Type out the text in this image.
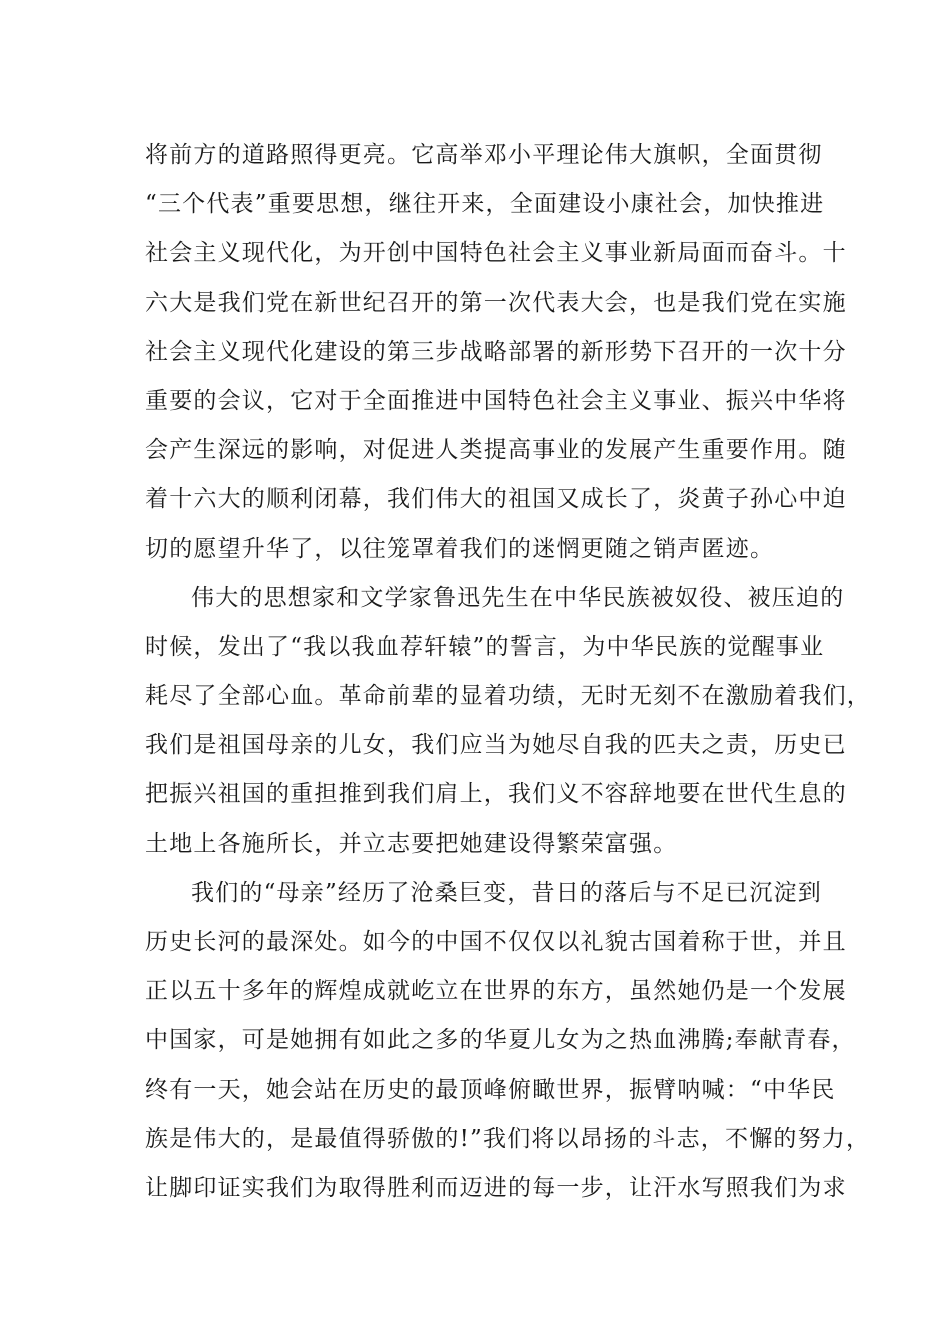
将前方的道路照得更亮。它高举邓小平理论伟大旗帜，全面贯彻
“三个代表”重要思想，继往开来，全面建设小康社会，加快推进
社会主义现代化，为开创中国特色社会主义事业新局面而奋斗。十
六大是我们党在新世纪召开的第一次代表大会，也是我们党在实施
社会主义现代化建设的第三步战略部署的新形势下召开的一次十分
重要的会议，它对于全面推进中国特色社会主义事业、振兴中华将
会产生深远的影响，对促进人类提高事业的发展产生重要作用。随
着十六大的顺利闭幕，我们伟大的祖国又成长了，炎黄子孙心中迫
切的愿望升华了，以往笼罩着我们的迷惘更随之销声匿迹。
伟大的思想家和文学家鲁迅先生在中华民族被奴役、被压迫的
时候，发出了“我以我血荐轩辕”的誓言，为中华民族的觉醒事业
耗尽了全部心血。革命前辈的显着功绩，无时无刻不在激励着我们，
我们是祖国母亲的儿女，我们应当为她尽自我的匹夫之责，历史已
把振兴祖国的重担推到我们肩上，我们义不容辞地要在世代生息的
土地上各施所长，并立志要把她建设得繁荣富强。
我们的“母亲”经历了沧桑巨变，昔日的落后与不足已沉淀到
历史长河的最深处。如今的中国不仅仅以礼貌古国着称于世，并且
正以五十多年的辉煌成就屹立在世界的东方，虽然她仍是一个发展
中国家，可是她拥有如此之多的华夏儿女为之热血沸腾;奉献青春，
终有一天，她会站在历史的最顶峰俯瞰世界，振臂呐喊：“中华民
族是伟大的，是最值得骄傲的!”我们将以昂扬的斗志，不懈的努力，
让脚印证实我们为取得胜利而迈进的每一步，让汗水写照我们为求
